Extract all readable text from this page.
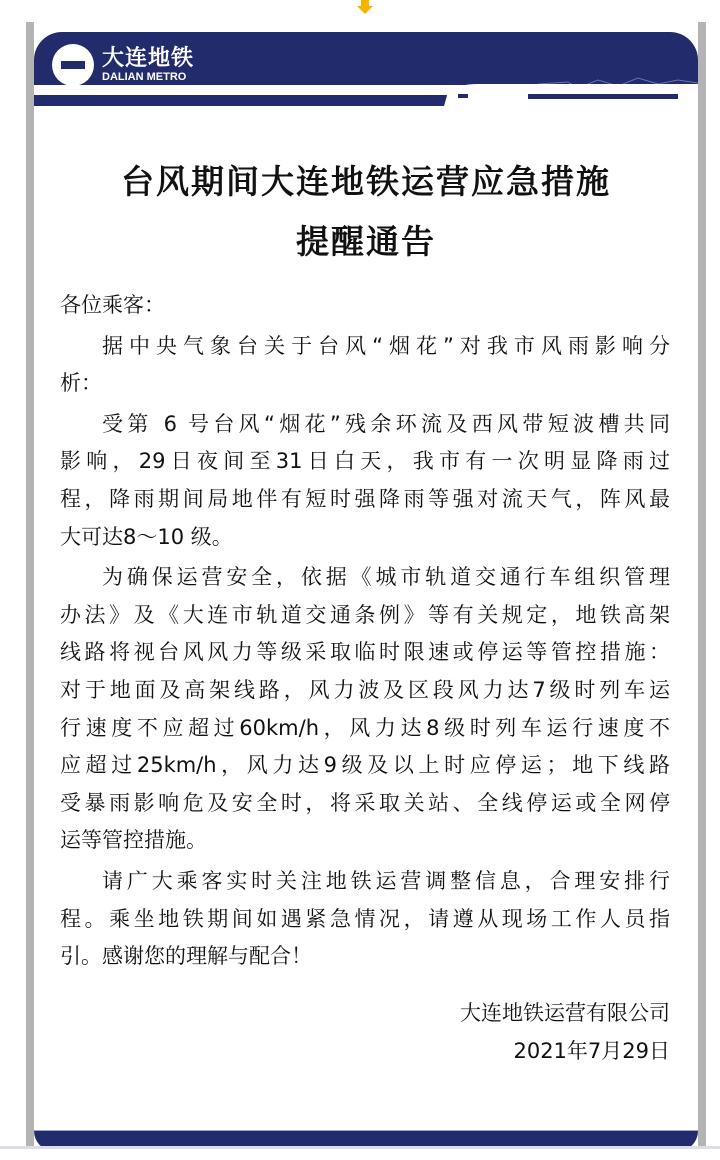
大连地铁
DALIAN METRO
台风期间大连地铁运营应急措施
提醒通告
各位乘客：
据中央气象台关于台风“烟花”对我市风雨影响分
析：
受第 6 号台风“烟花”残余环流及西风带短波槽共同
影响，29日夜间至31日白天，我市有一次明显降雨过
程，降雨期间局地伴有短时强降雨等强对流天气，阵风最
大可达8～10 级。
为确保运营安全，依据《城市轨道交通行车组织管理
办法》及《大连市轨道交通条例》等有关规定，地铁高架
线路将视台风风力等级采取临时限速或停运等管控措施：
对于地面及高架线路，风力波及区段风力达7级时列车运
行速度不应超过60km/h，风力达8级时列车运行速度不
应超过25km/h，风力达9级及以上时应停运；地下线路
受暴雨影响危及安全时，将采取关站、全线停运或全网停
运等管控措施。
请广大乘客实时关注地铁运营调整信息，合理安排行
程。乘坐地铁期间如遇紧急情况，请遵从现场工作人员指
引。感谢您的理解与配合！
大连地铁运营有限公司
2021年7月29日
